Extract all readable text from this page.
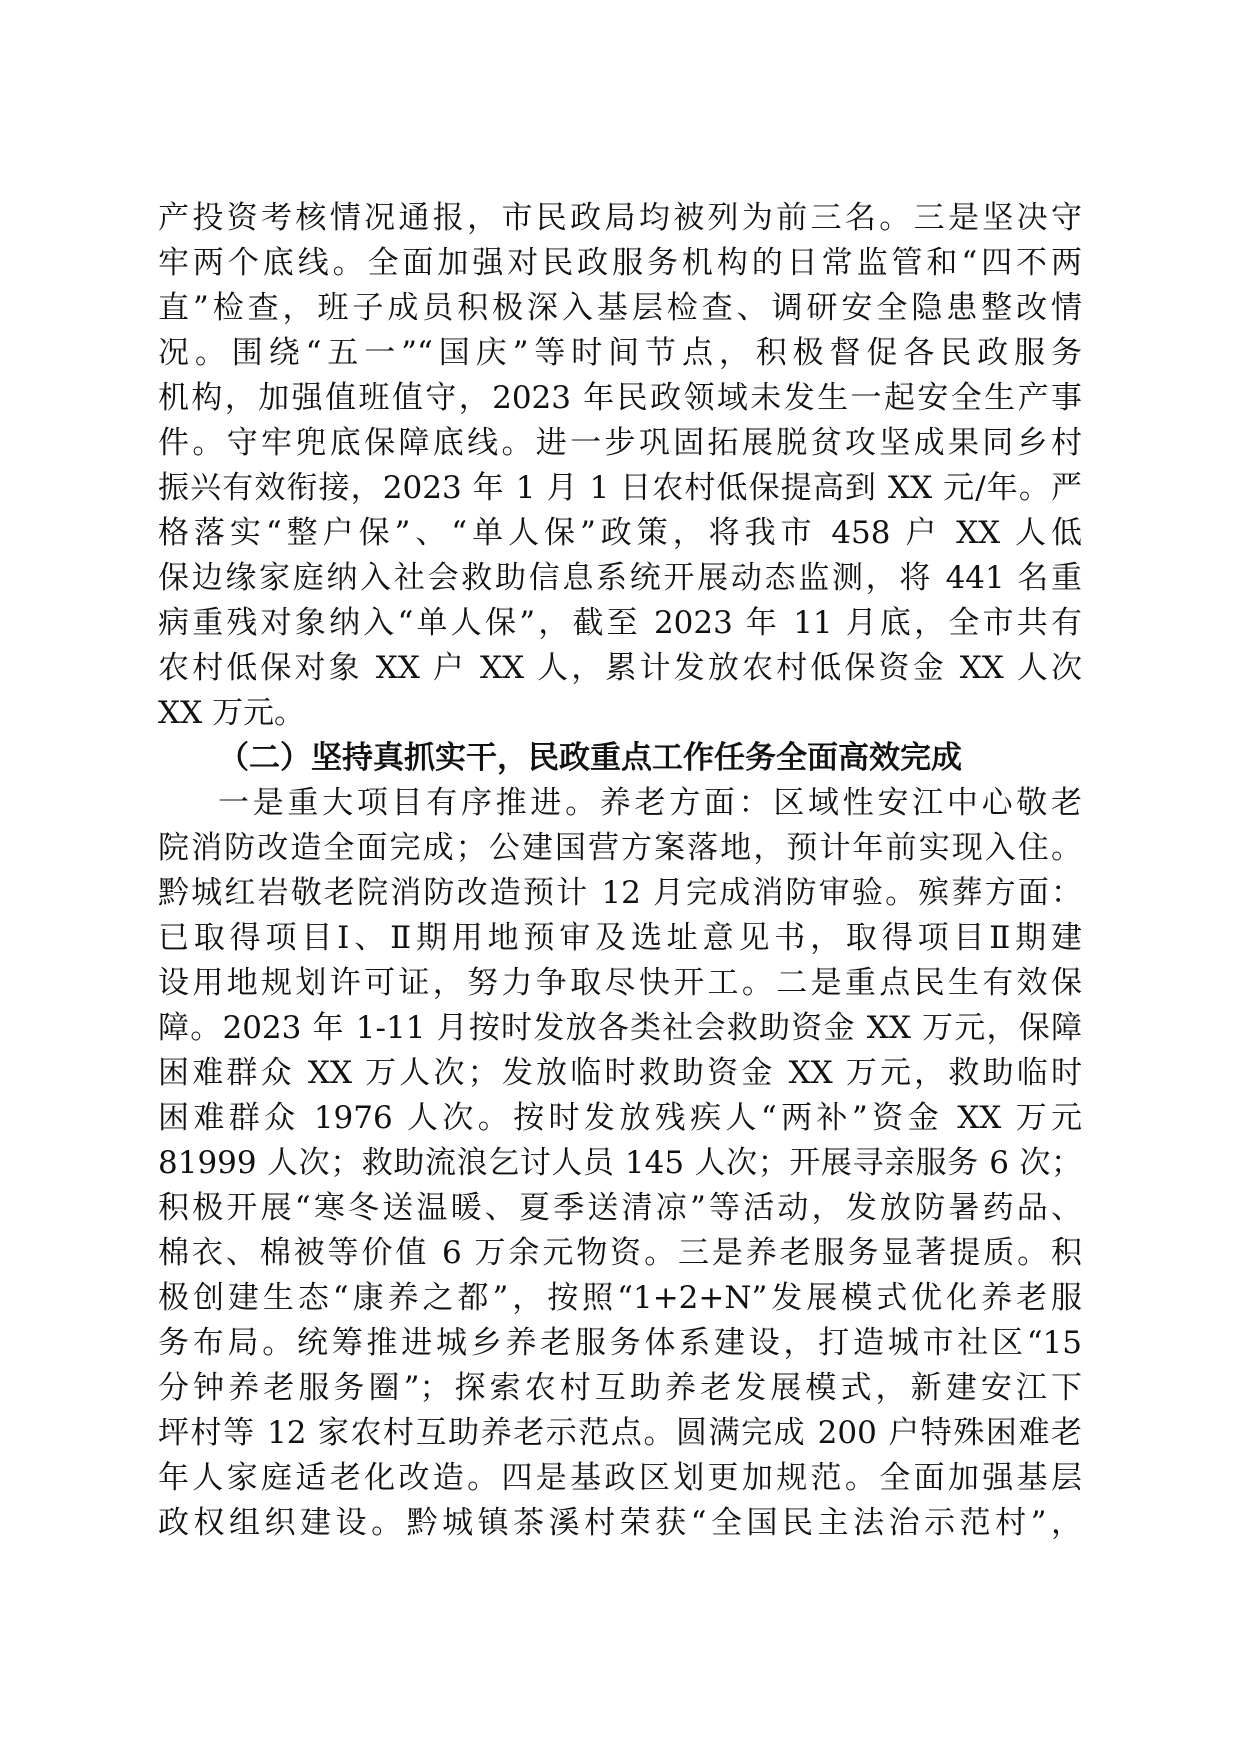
产投资考核情况通报，市民政局均被列为前三名。三是坚决守
牢两个底线。全面加强对民政服务机构的日常监管和“四不两
直”检查，班子成员积极深入基层检查、调研安全隐患整改情
况。围绕“五一”“国庆”等时间节点，积极督促各民政服务
机构，加强值班值守，2023 年民政领域未发生一起安全生产事
件。守牢兜底保障底线。进一步巩固拓展脱贫攻坚成果同乡村
振兴有效衔接，2023 年 1 月 1 日农村低保提高到 XX 元/年。严
格落实“整户保”、“单人保”政策，将我市 458 户 XX 人低
保边缘家庭纳入社会救助信息系统开展动态监测，将 441 名重
病重残对象纳入“单人保”，截至 2023 年 11 月底，全市共有
农村低保对象 XX 户 XX 人，累计发放农村低保资金 XX 人次
XX 万元。
（二）坚持真抓实干，民政重点工作任务全面高效完成
一是重大项目有序推进。养老方面：区域性安江中心敬老
院消防改造全面完成；公建国营方案落地，预计年前实现入住。
黔城红岩敬老院消防改造预计 12 月完成消防审验。殡葬方面：
已取得项目Ⅰ、Ⅱ期用地预审及选址意见书，取得项目Ⅱ期建
设用地规划许可证，努力争取尽快开工。二是重点民生有效保
障。2023 年 1-11 月按时发放各类社会救助资金 XX 万元，保障
困难群众 XX 万人次；发放临时救助资金 XX 万元，救助临时
困难群众 1976 人次。按时发放残疾人“两补”资金 XX 万元
81999 人次；救助流浪乞讨人员 145 人次；开展寻亲服务 6 次；
积极开展“寒冬送温暖、夏季送清凉”等活动，发放防暑药品、
棉衣、棉被等价值 6 万余元物资。三是养老服务显著提质。积
极创建生态“康养之都”，按照“1+2+N”发展模式优化养老服
务布局。统筹推进城乡养老服务体系建设，打造城市社区“15
分钟养老服务圈”；探索农村互助养老发展模式，新建安江下
坪村等 12 家农村互助养老示范点。圆满完成 200 户特殊困难老
年人家庭适老化改造。四是基政区划更加规范。全面加强基层
政权组织建设。黔城镇茶溪村荣获“全国民主法治示范村”，
